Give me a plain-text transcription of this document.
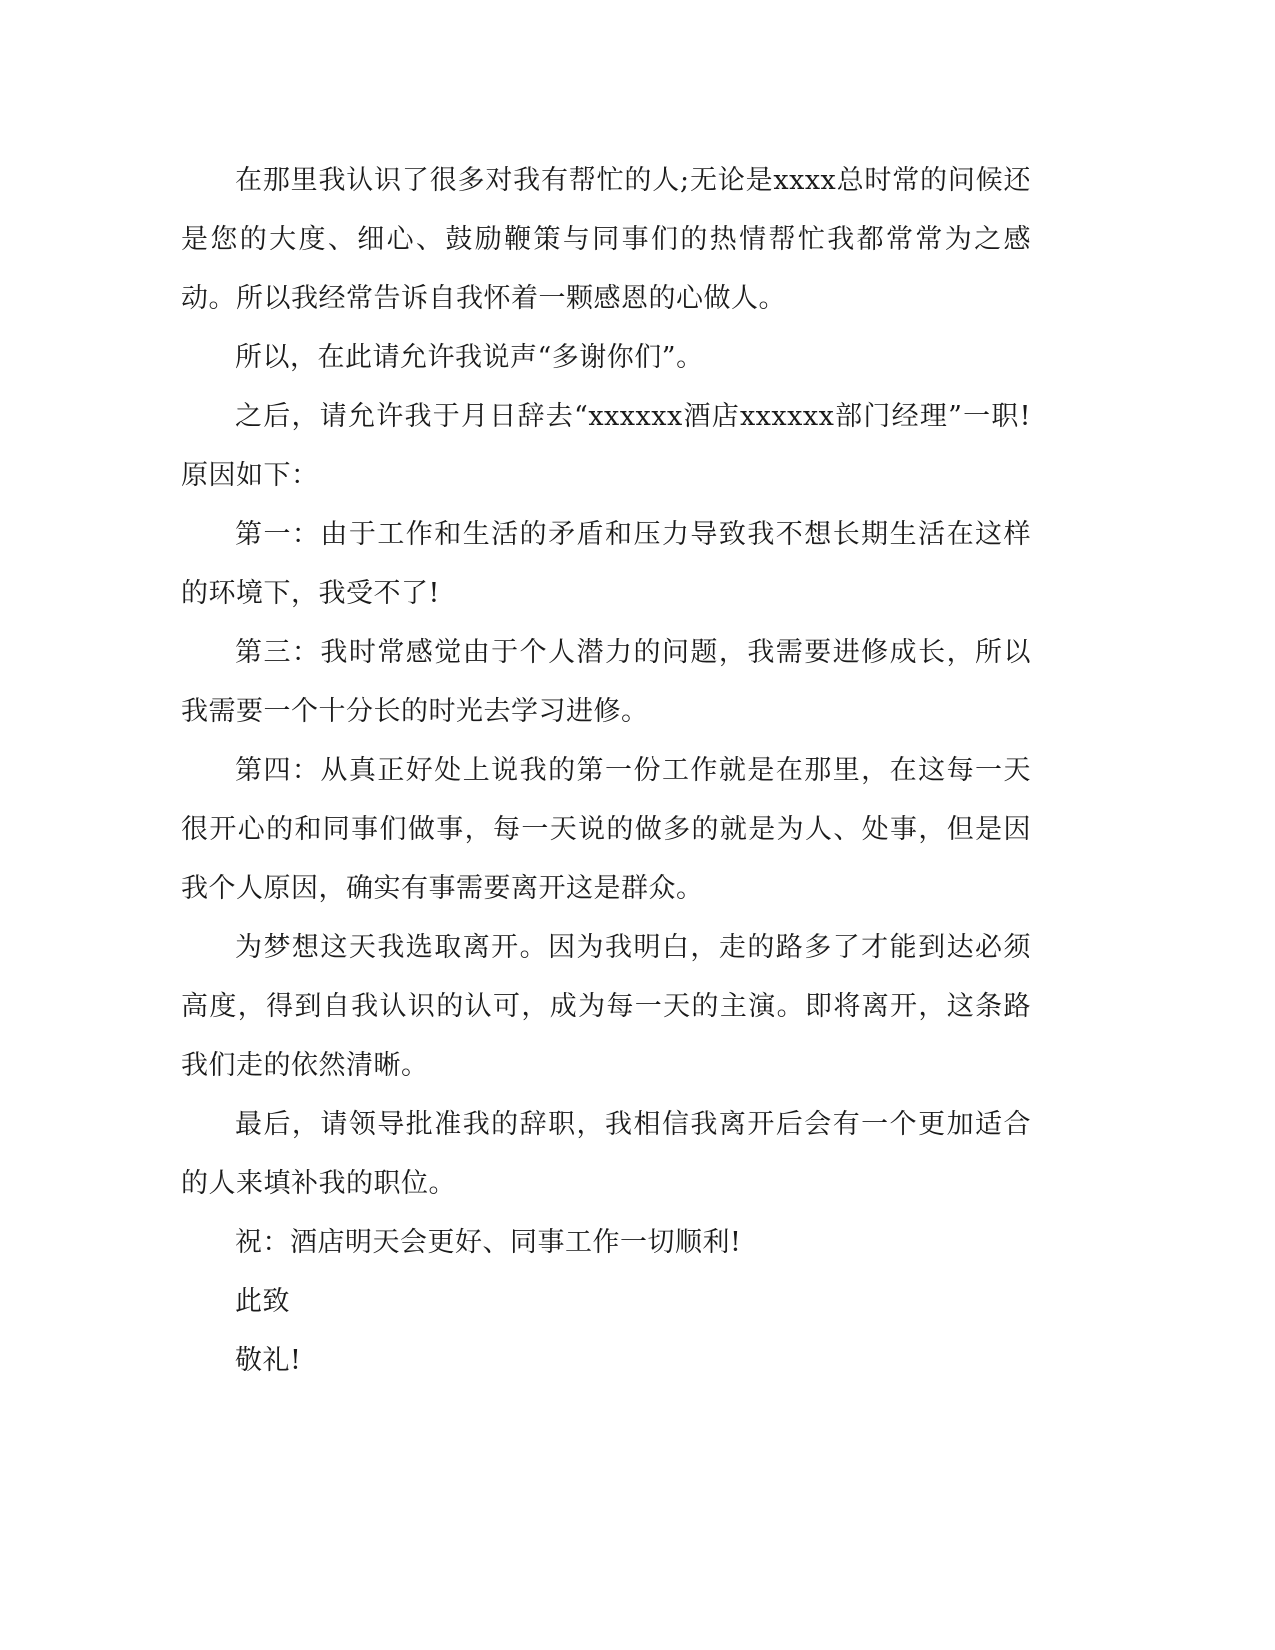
在那里我认识了很多对我有帮忙的人;无论是xxxx总时常的问候还是您的大度、细心、鼓励鞭策与同事们的热情帮忙我都常常为之感动。所以我经常告诉自我怀着一颗感恩的心做人。

所以，在此请允许我说声“多谢你们”。

之后，请允许我于月日辞去“xxxxxx酒店xxxxxx部门经理”一职!原因如下：

第一：由于工作和生活的矛盾和压力导致我不想长期生活在这样的环境下，我受不了!

第三：我时常感觉由于个人潜力的问题，我需要进修成长，所以我需要一个十分长的时光去学习进修。

第四：从真正好处上说我的第一份工作就是在那里，在这每一天很开心的和同事们做事，每一天说的做多的就是为人、处事，但是因我个人原因，确实有事需要离开这是群众。

为梦想这天我选取离开。因为我明白，走的路多了才能到达必须高度，得到自我认识的认可，成为每一天的主演。即将离开，这条路我们走的依然清晰。

最后，请领导批准我的辞职，我相信我离开后会有一个更加适合的人来填补我的职位。

祝：酒店明天会更好、同事工作一切顺利!

此致

敬礼!
